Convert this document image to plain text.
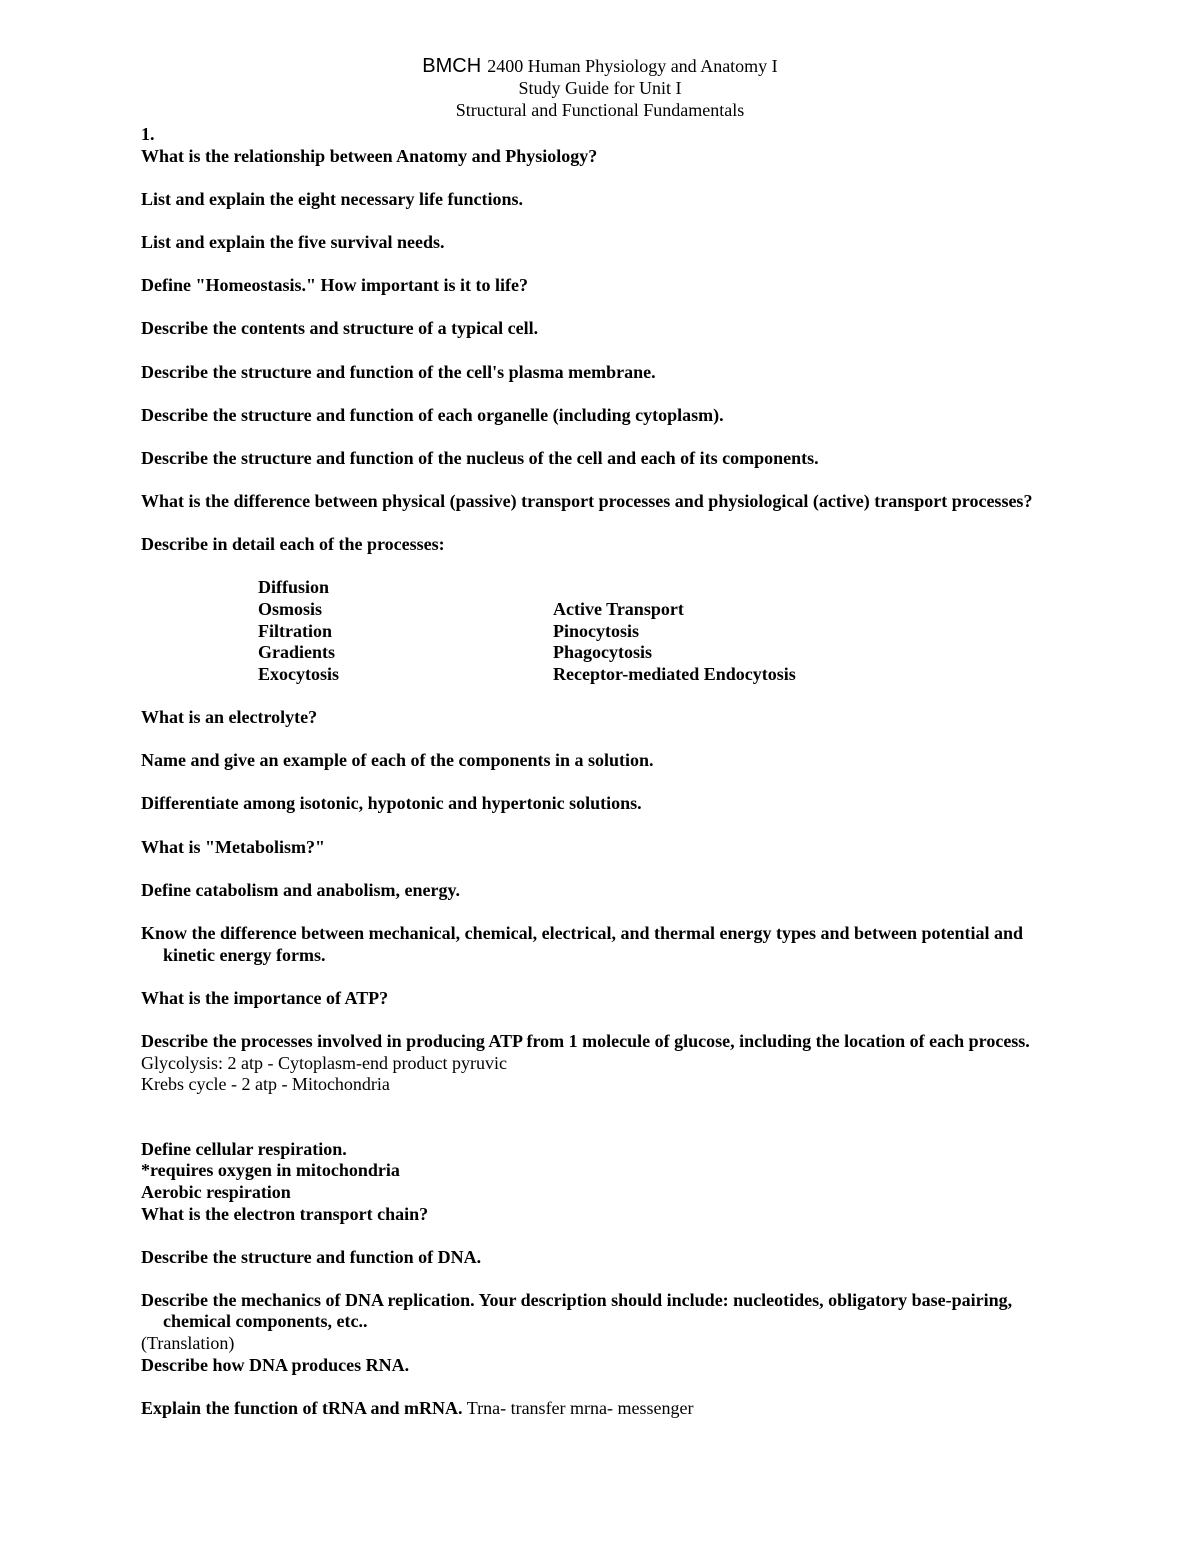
BMCH 2400 Human Physiology and Anatomy I
Study Guide for Unit I
Structural and Functional Fundamentals

1.

What is the relationship between Anatomy and Physiology?

List and explain the eight necessary life functions.

List and explain the five survival needs.

Define "Homeostasis." How important is it to life?

Describe the contents and structure of a typical cell.

Describe the structure and function of the cell's plasma membrane.

Describe the structure and function of each organelle (including cytoplasm).

Describe the structure and function of the nucleus of the cell and each of its components.

What is the difference between physical (passive) transport processes and physiological (active) transport processes?

Describe in detail each of the processes:

Diffusion	
Osmosis	Active Transport
Filtration	Pinocytosis
Gradients	Phagocytosis
Exocytosis	Receptor-mediated Endocytosis

What is an electrolyte?

Name and give an example of each of the components in a solution.

Differentiate among isotonic, hypotonic and hypertonic solutions.

What is "Metabolism?"

Define catabolism and anabolism, energy.

Know the difference between mechanical, chemical, electrical, and thermal energy types and between potential and kinetic energy forms.

What is the importance of ATP?

Describe the processes involved in producing ATP from 1 molecule of glucose, including the location of each process.

Glycolysis: 2 atp - Cytoplasm-end product pyruvic

Krebs cycle - 2 atp - Mitochondria

Define cellular respiration.

*requires oxygen in mitochondria

Aerobic respiration

What is the electron transport chain?

Describe the structure and function of DNA.

Describe the mechanics of DNA replication. Your description should include: nucleotides, obligatory base-pairing, chemical components, etc..

(Translation)

Describe how DNA produces RNA.

Explain the function of tRNA and mRNA. Trna- transfer mrna- messenger
